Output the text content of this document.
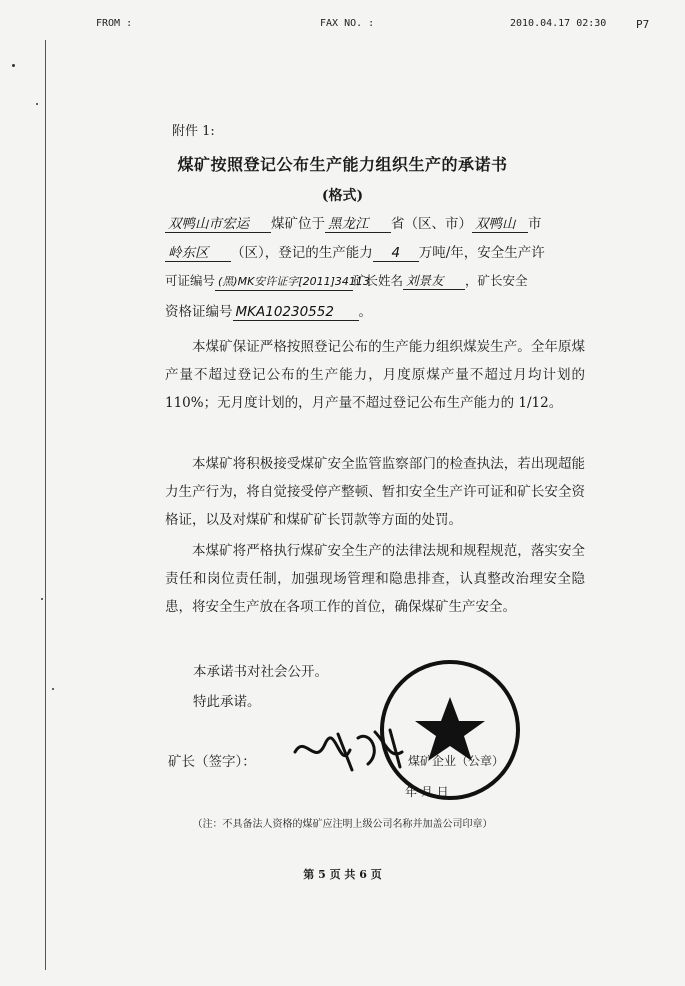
FROM :	FAX NO. :	2010.04.17 02:30	P7
附件 1:
煤矿按照登记公布生产能力组织生产的承诺书
(格式)
双鸭山市宏运 煤矿位于 黑龙江 省（区、市） 双鸭山 市
岭东区 （区），登记的生产能力 4 万吨/年，安全生产许
可证编号 (黑)MK安许证字[2011]34113矿长姓名 刘景友 ，矿长安全
资格证编号 MKA10230552 。
本煤矿保证严格按照登记公布的生产能力组织煤炭生产。全年原煤产量不超过登记公布的生产能力，月度原煤产量不超过月均计划的 110%；无月度计划的，月产量不超过登记公布生产能力的 1/12。
本煤矿将积极接受煤矿安全监管监察部门的检查执法，若出现超能力生产行为，将自觉接受停产整顿、暂扣安全生产许可证和矿长安全资格证，以及对煤矿和煤矿矿长罚款等方面的处罚。
本煤矿将严格执行煤矿安全生产的法律法规和规程规范，落实安全责任和岗位责任制，加强现场管理和隐患排查，认真整改治理安全隐患，将安全生产放在各项工作的首位，确保煤矿生产安全。
本承诺书对社会公开。
特此承诺。
矿长（签字）：	煤矿企业（公章）
年 月 日
（注：不具备法人资格的煤矿应注明上级公司名称并加盖公司印章）
第 5 页 共 6 页
